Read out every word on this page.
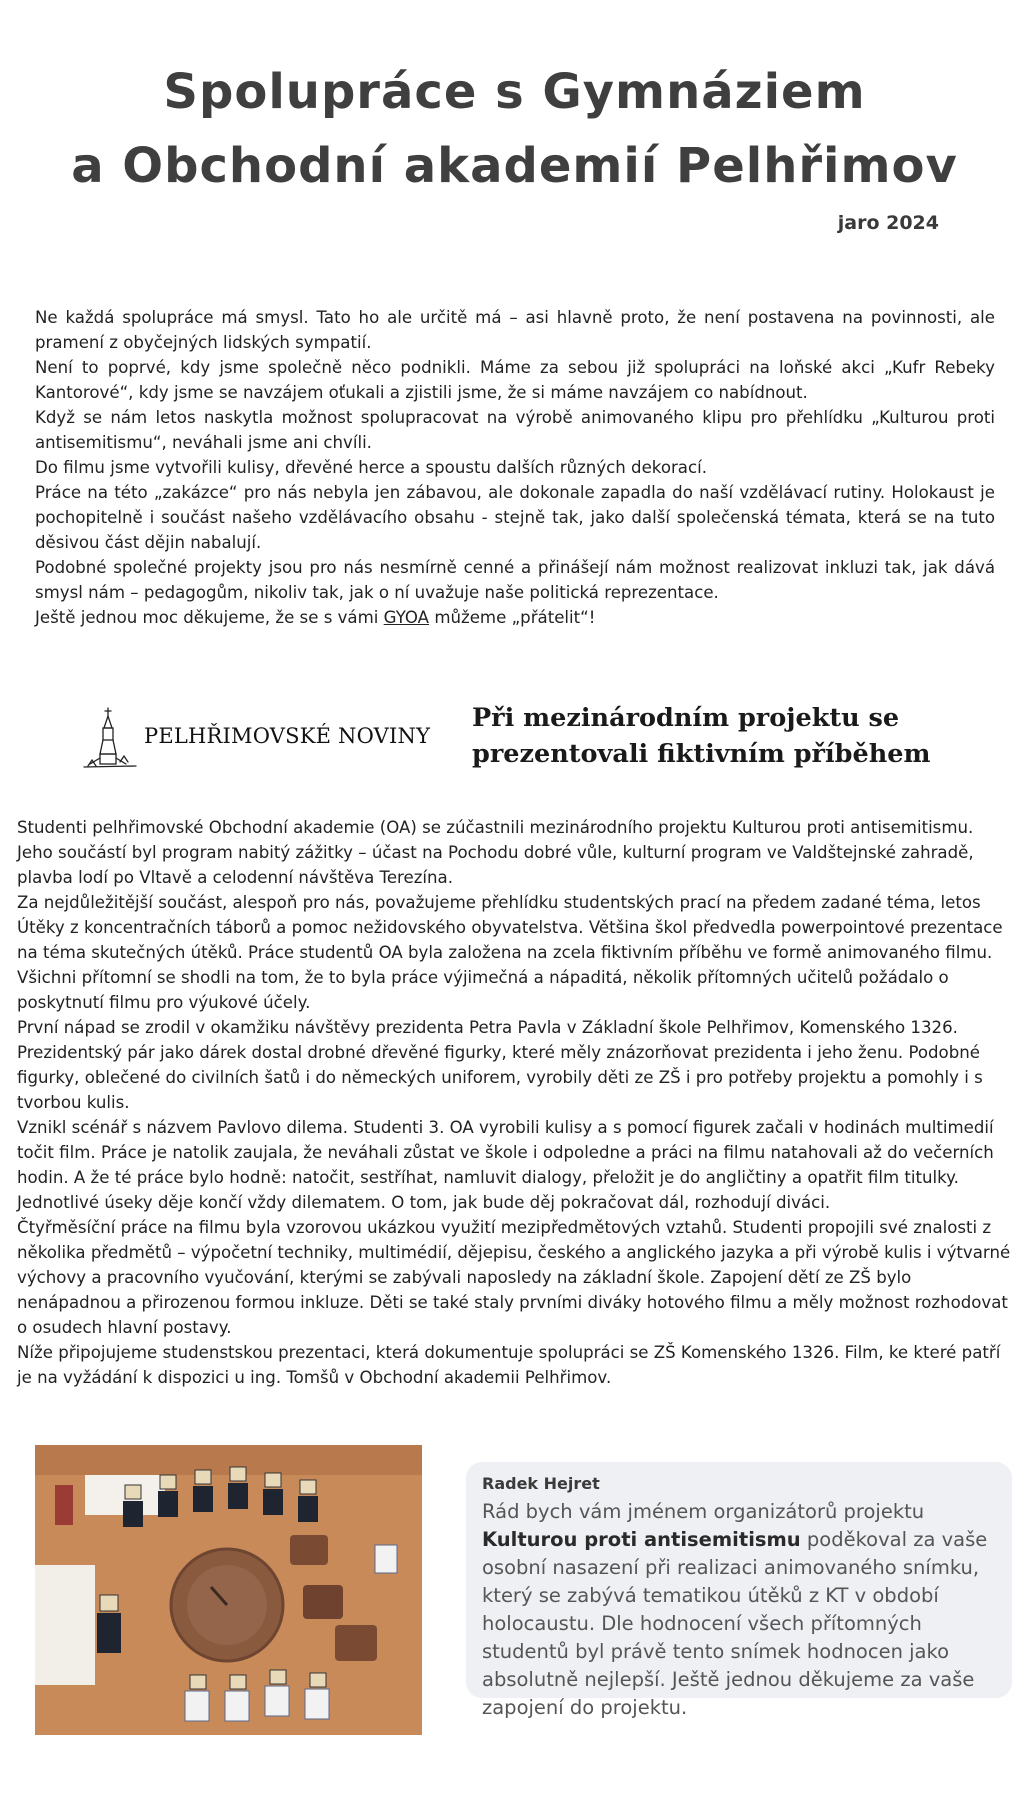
Spolupráce s Gymnáziem
a Obchodní akademií Pelhřimov
jaro 2024

Ne každá spolupráce má smysl. Tato ho ale určitě má – asi hlavně proto, že není postavena na povinnosti, ale pramení z obyčejných lidských sympatií.

Není to poprvé, kdy jsme společně něco podnikli. Máme za sebou již spolupráci na loňské akci „Kufr Rebeky Kantorové“, kdy jsme se navzájem oťukali a zjistili jsme, že si máme navzájem co nabídnout.

Když se nám letos naskytla možnost spolupracovat na výrobě animovaného klipu pro přehlídku „Kulturou proti antisemitismu“, neváhali jsme ani chvíli.

Do filmu jsme vytvořili kulisy, dřevěné herce a spoustu dalších různých dekorací.

Práce na této „zakázce“ pro nás nebyla jen zábavou, ale dokonale zapadla do naší vzdělávací rutiny. Holokaust je pochopitelně i součást našeho vzdělávacího obsahu - stejně tak, jako další společenská témata, která se na tuto děsivou část dějin nabalují.

Podobné společné projekty jsou pro nás nesmírně cenné a přinášejí nám možnost realizovat inkluzi tak, jak dává smysl nám – pedagogům, nikoliv tak, jak o ní uvažuje naše politická reprezentace.

Ještě jednou moc děkujeme, že se s vámi GYOA můžeme „přátelit“!

PELHŘIMOVSKÉ NOVINY
Při mezinárodním projektu se prezentovali fiktivním příběhem

Studenti pelhřimovské Obchodní akademie (OA) se zúčastnili mezinárodního projektu Kulturou proti antisemitismu. Jeho součástí byl program nabitý zážitky – účast na Pochodu dobré vůle, kulturní program ve Valdštejnské zahradě, plavba lodí po Vltavě a celodenní návštěva Terezína.

Za nejdůležitější součást, alespoň pro nás, považujeme přehlídku studentských prací na předem zadané téma, letos Útěky z koncentračních táborů a pomoc nežidovského obyvatelstva. Většina škol předvedla powerpointové prezentace na téma skutečných útěků. Práce studentů OA byla založena na zcela fiktivním příběhu ve formě animovaného filmu. Všichni přítomní se shodli na tom, že to byla práce výjimečná a nápaditá, několik přítomných učitelů požádalo o poskytnutí filmu pro výukové účely.

První nápad se zrodil v okamžiku návštěvy prezidenta Petra Pavla v Základní škole Pelhřimov, Komenského 1326. Prezidentský pár jako dárek dostal drobné dřevěné figurky, které měly znázorňovat prezidenta i jeho ženu. Podobné figurky, oblečené do civilních šatů i do německých uniforem, vyrobily děti ze ZŠ i pro potřeby projektu a pomohly i s tvorbou kulis.

Vznikl scénář s názvem Pavlovo dilema. Studenti 3. OA vyrobili kulisy a s pomocí figurek začali v hodinách multimedií točit film. Práce je natolik zaujala, že neváhali zůstat ve škole i odpoledne a práci na filmu natahovali až do večerních hodin. A že té práce bylo hodně: natočit, sestříhat, namluvit dialogy, přeložit je do angličtiny a opatřit film titulky. Jednotlivé úseky děje končí vždy dilematem. O tom, jak bude děj pokračovat dál, rozhodují diváci.

Čtyřměsíční práce na filmu byla vzorovou ukázkou využití mezipředmětových vztahů. Studenti propojili své znalosti z několika předmětů – výpočetní techniky, multimédií, dějepisu, českého a anglického jazyka a při výrobě kulis i výtvarné výchovy a pracovního vyučování, kterými se zabývali naposledy na základní škole. Zapojení dětí ze ZŠ bylo nenápadnou a přirozenou formou inkluze. Děti se také staly prvními diváky hotového filmu a měly možnost rozhodovat o osudech hlavní postavy.

Níže připojujeme studenstskou prezentaci, která dokumentuje spolupráci se ZŠ Komenského 1326. Film, ke které patří je na vyžádání k dispozici u ing. Tomšů v Obchodní akademii Pelhřimov.

Radek Hejret
Rád bych vám jménem organizátorů projektu Kulturou proti antisemitismu poděkoval za vaše osobní nasazení při realizaci animovaného snímku, který se zabývá tematikou útěků z KT v období holocaustu. Dle hodnocení všech přítomných studentů byl právě tento snímek hodnocen jako absolutně nejlepší. Ještě jednou děkujeme za vaše zapojení do projektu.
